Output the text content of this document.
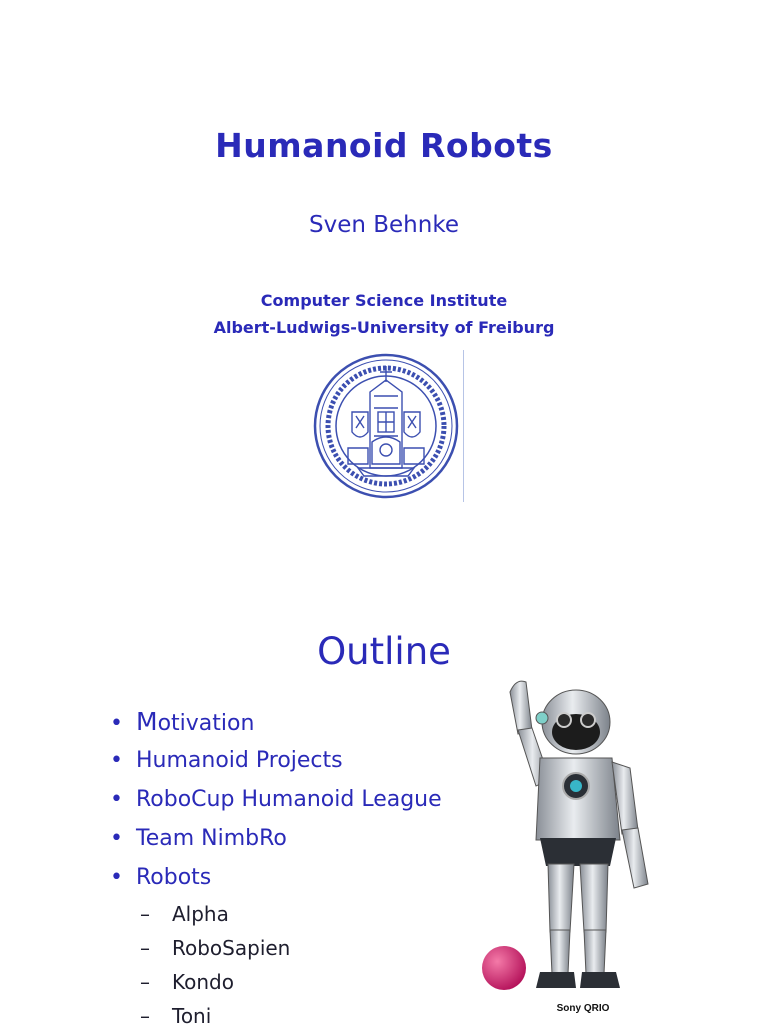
Humanoid Robots
Sven Behnke
Computer Science Institute
Albert-Ludwigs-University of Freiburg
Outline
• Motivation
• Humanoid Projects
• RoboCup Humanoid League
• Team NimbRo
• Robots
– Alpha
– RoboSapien
– Kondo
– Toni	Sony QRIO
